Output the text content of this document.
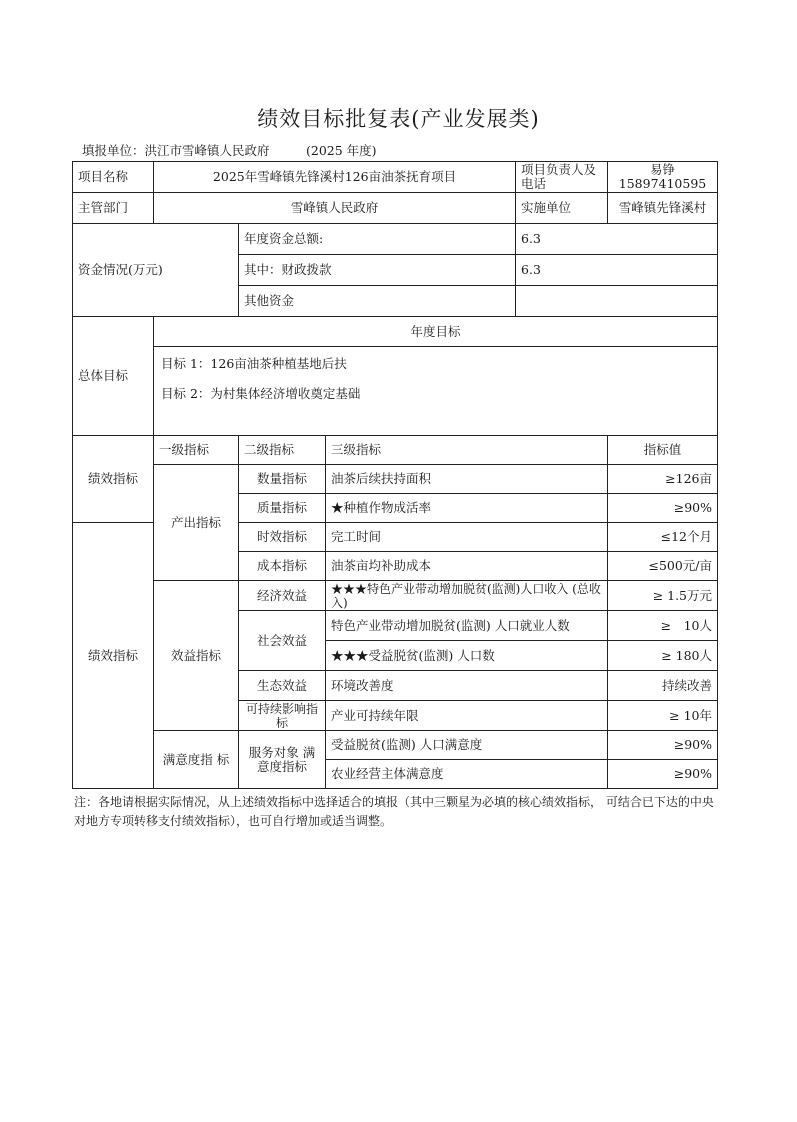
绩效目标批复表(产业发展类)
填报单位：洪江市雪峰镇人民政府	(2025 年度)
项目名称	2025年雪峰镇先锋溪村126亩油茶抚育项目			项目负责人及电话	易铮15897410595
主管部门	雪峰镇人民政府			实施单位	雪峰镇先锋溪村
资金情况(万元)		年度资金总额:		6.3	
		其中：财政拨款		6.3	
		其他资金			
总体目标	年度目标				

	目标 1：126亩油茶种植基地后扶
目标 2：为村集体经济增收奠定基础				

绩效指标	一级指标	二级指标	三级指标		指标值
	产出指标	数量指标	油茶后续扶持面积		≥126亩
		质量指标	★种植作物成活率		≥90%
绩效指标		时效指标	完工时间		≤12个月
		成本指标	油茶亩均补助成本		≤500元/亩
	效益指标	经济效益	★★★特色产业带动增加脱贫(监测)人口收入 (总收入)		≥ 1.5万元
		社会效益	特色产业带动增加脱贫(监测) 人口就业人数		≥　10人
			★★★受益脱贫(监测) 人口数		≥ 180人
		生态效益	环境改善度		持续改善
		可持续影响指标	产业可持续年限		≥ 10年
	满意度指 标	服务对象 满意度指标	受益脱贫(监测) 人口满意度		≥90%
			农业经营主体满意度		≥90%
注：各地请根据实际情况，从上述绩效指标中选择适合的填报（其中三颗星为必填的核心绩效指标， 可结合已下达的中央对地方专项转移支付绩效指标），也可自行增加或适当调整。
